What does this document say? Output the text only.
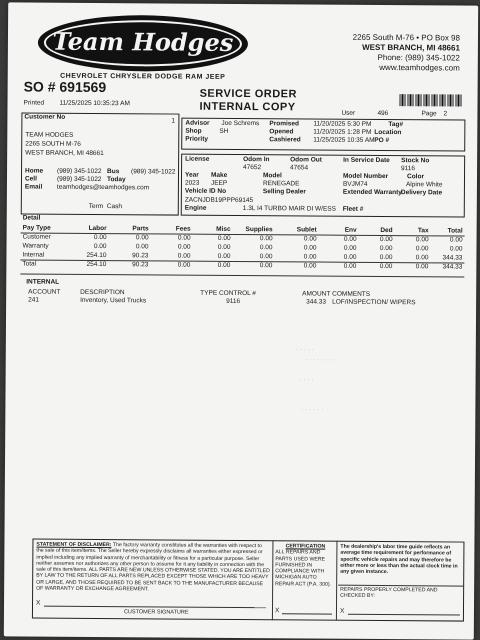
Team Hodges
CHEVROLET CHRYSLER DODGE RAM JEEP
2265 South M-76 • PO Box 98
WEST BRANCH, MI 48661
Phone: (989) 345-1022
www.teamhodges.com
SO # 691569	SERVICE ORDER
INTERNAL COPY
Printed 11/25/2025 10:35:23 AM
User	496	Page 2
Customer No
1
TEAM HODGES
2265 SOUTH M-76
WEST BRANCH, MI 48661
Home (989) 345-1022 Bus (989) 345-1022
Cell	(989) 345-1022 Today
Email teamhodges@teamhodges.com
Term Cash
Advisor Joe Schrems
Shop	SH
Priority
Promised 11/20/2025 5:30 PM
Opened	11/20/2025 1:28 PM
Cashiered 11/25/2025 10:35 AM
Tag#
Location
PO #
License	Odom In
47652
Odom Out
47654
In Service Date Stock No
9116
Year
2023
Make
JEEP
Model
RENEGADE
Model Number
BVJM74
Color
Alpine White
Vehicle ID No	Selling Dealer	Extended Warranty
Delivery Date
ZACNJDB19PPP69145
Engine	1.3L I4 TURBO MAIR DI W/ESS Fleet #
Detail
Pay Type	Labor	Parts	Fees	Misc	Supplies	Sublet	Env	Ded	Tax	Total
Customer	0.00	0.00	0.00	0.00	0.00	0.00	0.00	0.00	0.00	0.00
Warranty	0.00	0.00	0.00	0.00	0.00	0.00	0.00	0.00	0.00	0.00
Internal	254.10	90.23	0.00	0.00	0.00	0.00	0.00	0.00	0.00	344.33
Total	254.10	90.23	0.00	0.00	0.00	0.00	0.00	0.00	0.00	344.33
INTERNAL
ACCOUNT	DESCRIPTION	TYPE CONTROL #	AMOUNT COMMENTS
241	Inventory, Used Trucks	9116	344.33 LOF/INSPECTION/ WIPERS
· · · · ·
· · · · · · · ·
· · · ·
· · · · · ·
STATEMENT OF DISCLAIMER: The factory warranty constitutes all the warranties with respect to the sale of this item/items. The Seller hereby expressly disclaims all warranties either expressed or implied including any implied warranty of merchantability or fitness for a particular purpose. Seller neither assumes nor authorizes any other person to assume for it any liability in connection with the sale of this item/items. ALL PARTS ARE NEW UNLESS OTHERWISE STATED. YOU ARE ENTITLED BY LAW TO THE RETURN OF ALL PARTS REPLACED EXCEPT THOSE WHICH ARE TOO HEAVY OR LARGE, AND THOSE REQUIRED TO BE SENT BACK TO THE MANUFACTURER BECAUSE OF WARRANTY OR EXCHANGE AGREEMENT.
X
CUSTOMER SIGNATURE
CERTIFICATION
ALL REPAIRS AND PARTS USED WERE FURNISHED IN COMPLIANCE WITH MICHIGAN AUTO REPAIR ACT (P.A. 300).
X
The dealership's labor time guide reflects an average time requirement for performance of specific vehicle repairs and may therefore be either more or less than the actual clock time in any given instance.
REPAIRS PROPERLY COMPLETED AND CHECKED BY:
X
